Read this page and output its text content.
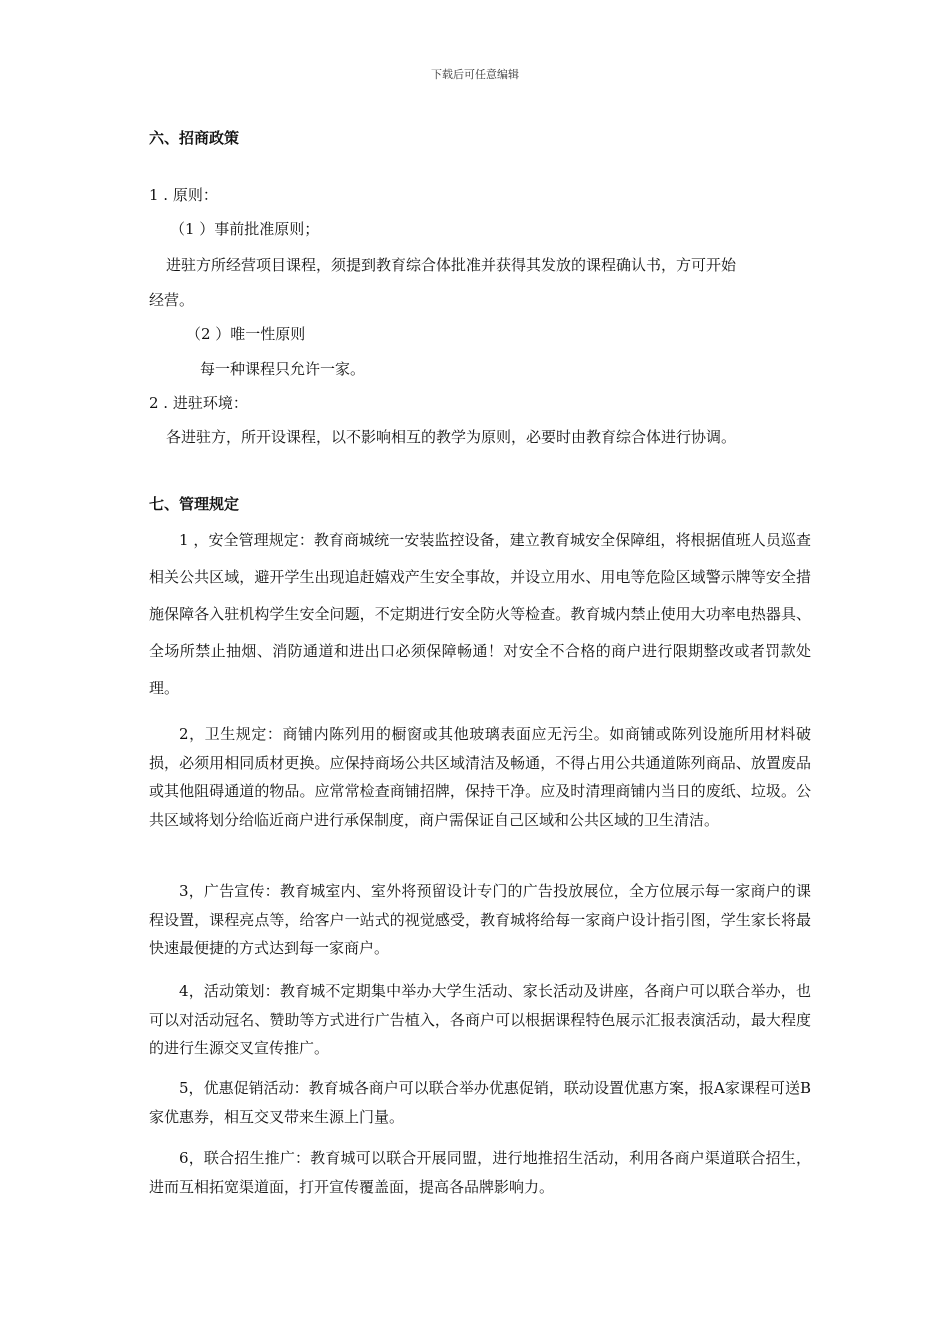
下载后可任意编辑
六、招商政策
1 . 原则：
（1 ）事前批准原则；
进驻方所经营项目课程，须提到教育综合体批准并获得其发放的课程确认书，方可开始
经营。
（2 ）唯一性原则
每一种课程只允许一家。
2 . 进驻环境：
各进驻方，所开设课程，以不影响相互的教学为原则，必要时由教育综合体进行协调。
七、管理规定
1 ，安全管理规定：教育商城统一安装监控设备，建立教育城安全保障组，将根据值班人员巡查相关公共区域，避开学生出现追赶嬉戏产生安全事故，并设立用水、用电等危险区域警示牌等安全措施保障各入驻机构学生安全问题，不定期进行安全防火等检查。教育城内禁止使用大功率电热器具、全场所禁止抽烟、消防通道和进出口必须保障畅通！对安全不合格的商户进行限期整改或者罚款处理。
2，卫生规定：商铺内陈列用的橱窗或其他玻璃表面应无污尘。如商铺或陈列设施所用材料破损，必须用相同质材更换。应保持商场公共区域清洁及畅通，不得占用公共通道陈列商品、放置废品或其他阻碍通道的物品。应常常检查商铺招牌，保持干净。应及时清理商铺内当日的废纸、垃圾。公共区域将划分给临近商户进行承保制度，商户需保证自己区域和公共区域的卫生清洁。
3，广告宣传：教育城室内、室外将预留设计专门的广告投放展位，全方位展示每一家商户的课程设置，课程亮点等，给客户一站式的视觉感受，教育城将给每一家商户设计指引图，学生家长将最快速最便捷的方式达到每一家商户。
4，活动策划：教育城不定期集中举办大学生活动、家长活动及讲座，各商户可以联合举办，也可以对活动冠名、赞助等方式进行广告植入，各商户可以根据课程特色展示汇报表演活动，最大程度的进行生源交叉宣传推广。
5，优惠促销活动：教育城各商户可以联合举办优惠促销，联动设置优惠方案，报A家课程可送B家优惠券，相互交叉带来生源上门量。
6，联合招生推广：教育城可以联合开展同盟，进行地推招生活动，利用各商户渠道联合招生，进而互相拓宽渠道面，打开宣传覆盖面，提高各品牌影响力。
